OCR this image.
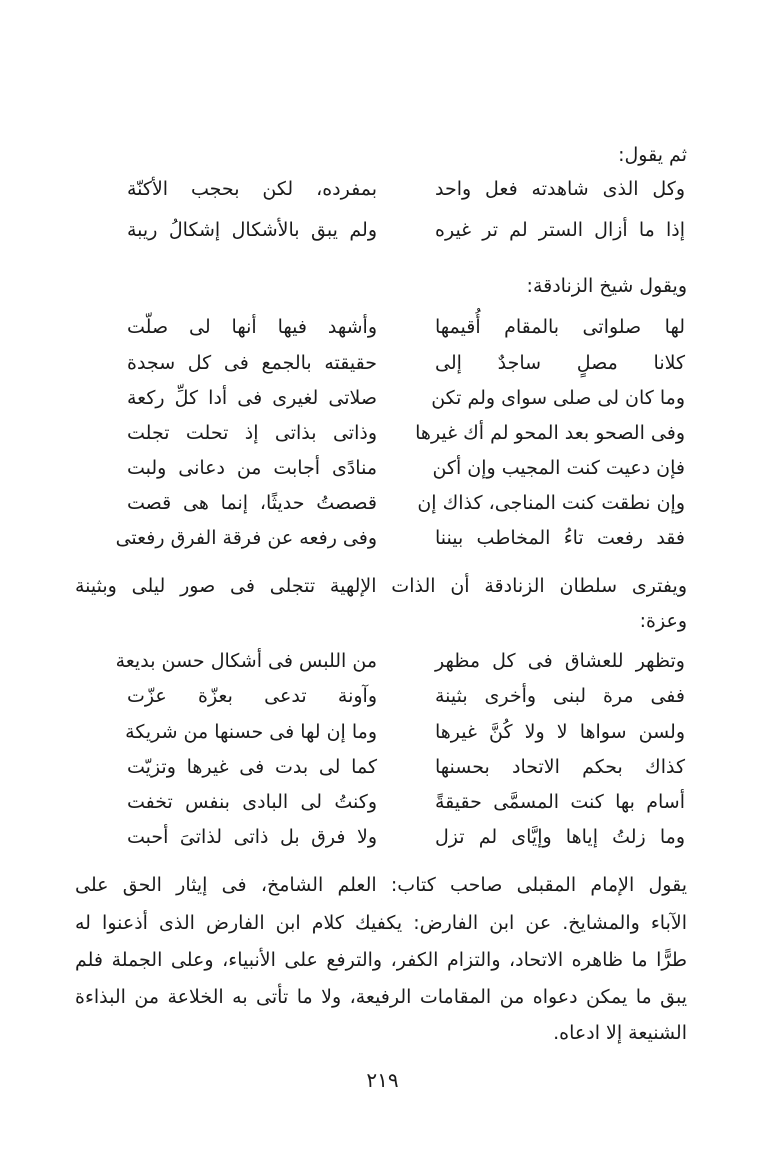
ثم يقول:
وكل الذى شاهدته فعل واحد
بمفرده، لكن بحجب الأكنّة
إذا ما أزال الستر لم تر غيره
ولم يبق بالأشكال إشكالُ ريبة
ويقول شيخ الزنادقة:
لها صلواتى بالمقام أُقيمها
وأشهد فيها أنها لى صلّت
كلانا مصلٍ ساجدٌ إلى
حقيقته بالجمع فى كل سجدة
وما كان لى صلى سواى ولم تكن
صلاتى لغيرى فى أدا كلِّ ركعة
وفى الصحو بعد المحو لم أك غيرها
وذاتى بذاتى إذ تحلت تجلت
فإن دعيت كنت المجيب وإن أكن
منادًى أجابت من دعانى ولبت
وإن نطقت كنت المناجى، كذاك إن
قصصتُ حديثًا، إنما هى قصت
فقد رفعت تاءُ المخاطب بيننا
وفى رفعه عن فرقة الفرق رفعتى
ويفترى سلطان الزنادقة أن الذات الإلهية تتجلى فى صور ليلى وبثينة
وعزة:
وتظهر للعشاق فى كل مظهر
من اللبس فى أشكال حسن بديعة
ففى مرة لبنى وأخرى بثينة
وآونة تدعى بعزّة عزّت
ولسن سواها لا ولا كُنَّ غيرها
وما إن لها فى حسنها من شريكة
كذاك بحكم الاتحاد بحسنها
كما لى بدت فى غيرها وتزيّت
أسام بها كنت المسمَّى حقيقةً
وكنتُ لى البادى بنفس تخفت
وما زلتُ إياها وإيَّاى لم تزل
ولا فرق بل ذاتى لذاتىَ أحبت
يقول الإمام المقبلى صاحب كتاب: العلم الشامخ، فى إيثار الحق على
الآباء والمشايخ. عن ابن الفارض: يكفيك كلام ابن الفارض الذى أذعنوا له
طرًّا ما ظاهره الاتحاد، والتزام الكفر، والترفع على الأنبياء، وعلى الجملة فلم
يبق ما يمكن دعواه من المقامات الرفيعة، ولا ما تأتى به الخلاعة من البذاءة
الشنيعة إلا ادعاه.
٢١٩
